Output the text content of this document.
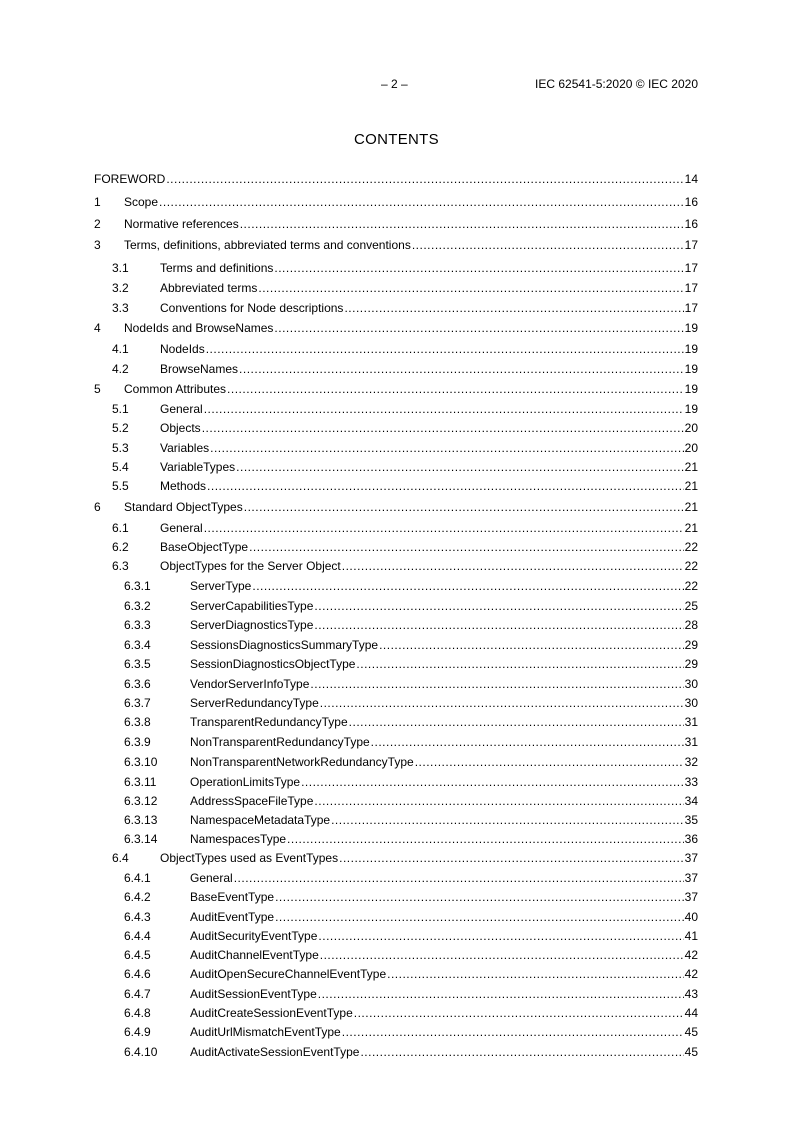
– 2 –	IEC 62541-5:2020 © IEC 2020
CONTENTS
FOREWORD .....	14
1	Scope .....	16
2	Normative references .....	16
3	Terms, definitions, abbreviated terms and conventions .....	17
3.1	Terms and definitions .....	17
3.2	Abbreviated terms .....	17
3.3	Conventions for Node descriptions .....	17
4	NodeIds and BrowseNames .....	19
4.1	NodeIds .....	19
4.2	BrowseNames .....	19
5	Common Attributes .....	19
5.1	General .....	19
5.2	Objects .....	20
5.3	Variables .....	20
5.4	VariableTypes .....	21
5.5	Methods .....	21
6	Standard ObjectTypes .....	21
6.1	General .....	21
6.2	BaseObjectType .....	22
6.3	ObjectTypes for the Server Object .....	22
6.3.1	ServerType .....	22
6.3.2	ServerCapabilitiesType .....	25
6.3.3	ServerDiagnosticsType .....	28
6.3.4	SessionsDiagnosticsSummaryType .....	29
6.3.5	SessionDiagnosticsObjectType .....	29
6.3.6	VendorServerInfoType .....	30
6.3.7	ServerRedundancyType .....	30
6.3.8	TransparentRedundancyType .....	31
6.3.9	NonTransparentRedundancyType .....	31
6.3.10	NonTransparentNetworkRedundancyType .....	32
6.3.11	OperationLimitsType .....	33
6.3.12	AddressSpaceFileType .....	34
6.3.13	NamespaceMetadataType .....	35
6.3.14	NamespacesType .....	36
6.4	ObjectTypes used as EventTypes .....	37
6.4.1	General .....	37
6.4.2	BaseEventType .....	37
6.4.3	AuditEventType .....	40
6.4.4	AuditSecurityEventType .....	41
6.4.5	AuditChannelEventType .....	42
6.4.6	AuditOpenSecureChannelEventType .....	42
6.4.7	AuditSessionEventType .....	43
6.4.8	AuditCreateSessionEventType .....	44
6.4.9	AuditUrlMismatchEventType .....	45
6.4.10	AuditActivateSessionEventType .....	45
